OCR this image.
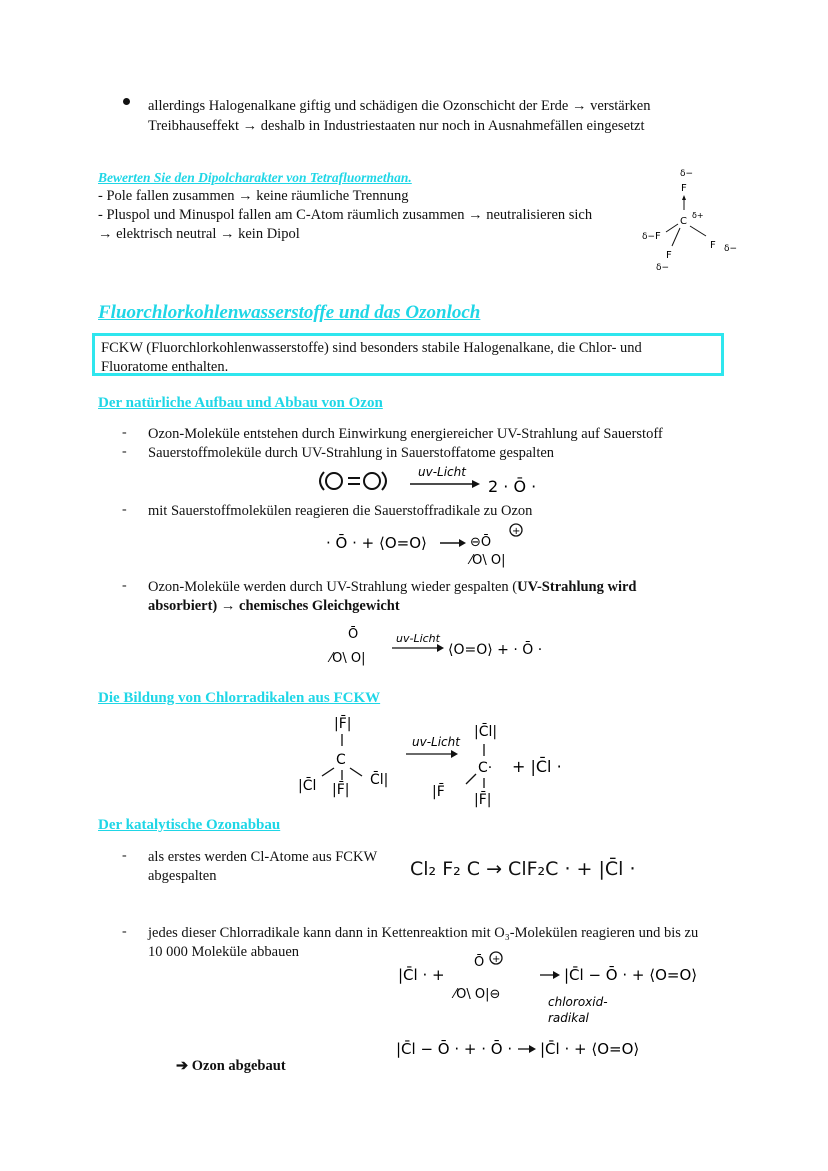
allerdings Halogenalkane giftig und schädigen die Ozonschicht der Erde → verstärken
Treibhauseffekt → deshalb in Industriestaaten nur noch in Ausnahmefällen eingesetzt
Bewerten Sie den Dipolcharakter von Tetrafluormethan.
- Pole fallen zusammen → keine räumliche Trennung
- Pluspol und Minuspol fallen am C-Atom räumlich zusammen → neutralisieren sich
→ elektrisch neutral → kein Dipol
δ−
F
C
δ+
δ− F
F
δ−
F δ−
Fluorchlorkohlenwasserstoffe und das Ozonloch
FCKW (Fluorchlorkohlenwasserstoffe) sind besonders stabile Halogenalkane, die Chlor- und
Fluoratome enthalten.
Der natürliche Aufbau und Abbau von Ozon
- Ozon-Moleküle entstehen durch Einwirkung energiereicher UV-Strahlung auf Sauerstoff
- Sauerstoffmoleküle durch UV-Strahlung in Sauerstoffatome gespalten
uv-Licht
2 · Ō ·
- mit Sauerstoffmolekülen reagieren die Sauerstoffradikale zu Ozon
· Ō · + ⟨O=O⟩	⊖Ō
+
⁄O\ O|
- Ozon-Moleküle werden durch UV-Strahlung wieder gespalten (UV-Strahlung wird
absorbiert) → chemisches Gleichgewicht
Ō
⁄O\ O|
uv-Licht
⟨O=O⟩ + · Ō ·
Die Bildung von Chlorradikalen aus FCKW
|F̄|
C
|C̄l |F̄|
C̄l|
uv-Licht
|C̄l|
C·
|F̄ |F̄|
+ |C̄l ·
Der katalytische Ozonabbau
- als erstes werden Cl-Atome aus FCKW
abgespalten	Cl₂ F₂ C → ClF₂C · + |C̄l ·
- jedes dieser Chlorradikale kann dann in Kettenreaktion mit O₃-Molekülen reagieren und bis zu
10 000 Moleküle abbauen
|C̄l · +
Ō +
⁄O\ O|⊖
|C̄l − Ō · + ⟨O=O⟩
chloroxid-
radikal
|C̄l − Ō · + · Ō · |C̄l · + ⟨O=O⟩
➔ Ozon abgebaut
